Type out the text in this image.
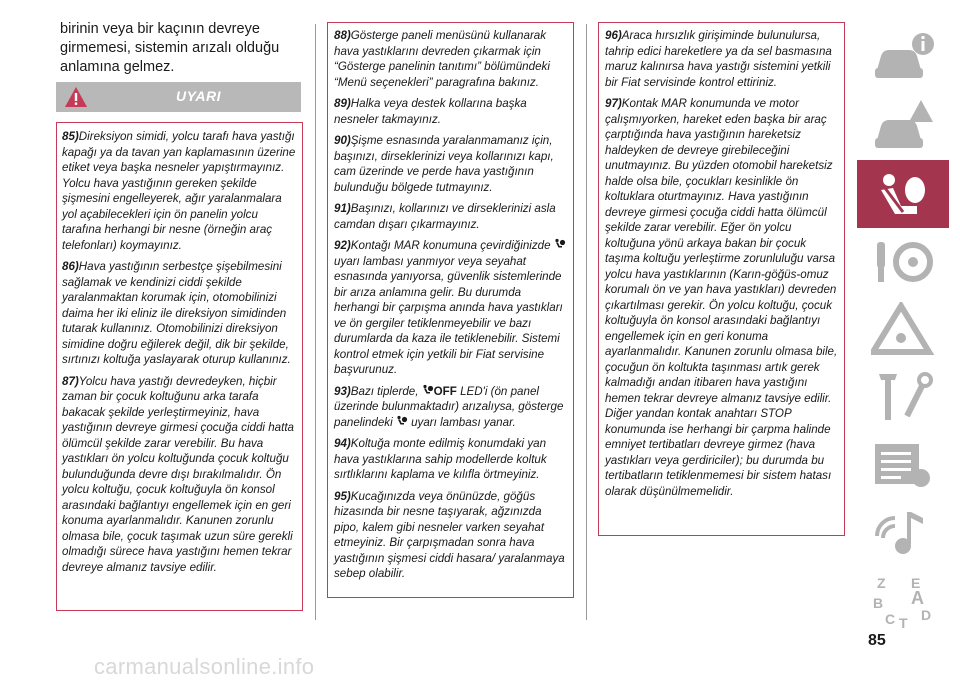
birinin veya bir kaçının devreye girmemesi, sistemin arızalı olduğu anlamına gelmez.
UYARI

85)Direksiyon simidi, yolcu tarafı hava yastığı kapağı ya da tavan yan kaplamasının üzerine etiket veya başka nesneler yapıştırmayınız. Yolcu hava yastığının gereken şekilde şişmesini engelleyerek, ağır yaralanmalara yol açabilecekleri için ön panelin yolcu tarafına herhangi bir nesne (örneğin araç telefonları) koymayınız.

86)Hava yastığının serbestçe şişebilmesini sağlamak ve kendinizi ciddi şekilde yaralanmaktan korumak için, otomobilinizi daima her iki eliniz ile direksiyon simidinden tutarak kullanınız. Otomobilinizi direksiyon simidine doğru eğilerek değil, dik bir şekilde, sırtınızı koltuğa yaslayarak oturup kullanınız.

87)Yolcu hava yastığı devredeyken, hiçbir zaman bir çocuk koltuğunu arka tarafa bakacak şekilde yerleştirmeyiniz, hava yastığının devreye girmesi çocuğa ciddi hatta ölümcül şekilde zarar verebilir. Bu hava yastıkları ön yolcu koltuğunda çocuk koltuğu bulunduğunda devre dışı bırakılmalıdır. Ön yolcu koltuğu, çocuk koltuğuyla ön konsol arasındaki bağlantıyı engellemek için en geri konuma ayarlanmalıdır. Kanunen zorunlu olmasa bile, çocuk taşımak uzun süre gerekli olmadığı sürece hava yastığını hemen tekrar devreye almanız tavsiye edilir.

88)Gösterge paneli menüsünü kullanarak hava yastıklarını devreden çıkarmak için “Gösterge panelinin tanıtımı” bölümündeki “Menü seçenekleri” paragrafına bakınız.

89)Halka veya destek kollarına başka nesneler takmayınız.

90)Şişme esnasında yaralanmamanız için, başınızı, dirseklerinizi veya kollarınızı kapı, cam üzerinde ve perde hava yastığının bulunduğu bölgede tutmayınız.

91)Başınızı, kollarınızı ve dirseklerinizi asla camdan dışarı çıkarmayınız.

92)Kontağı MAR konumuna çevirdiğinizde  uyarı lambası yanmıyor veya seyahat esnasında yanıyorsa, güvenlik sistemlerinde bir arıza anlamına gelir. Bu durumda herhangi bir çarpışma anında hava yastıkları ve ön gergiler tetiklenmeyebilir ve bazı durumlarda da kaza ile tetiklenebilir. Sistemi kontrol etmek için yetkili bir Fiat servisine başvurunuz.

93)Bazı tiplerde, OFF LED'i (ön panel üzerinde bulunmaktadır) arızalıysa, gösterge panelindeki  uyarı lambası yanar.

94)Koltuğa monte edilmiş konumdaki yan hava yastıklarına sahip modellerde koltuk sırtlıklarını kaplama ve kılıfla örtmeyiniz.

95)Kucağınızda veya önünüzde, göğüs hizasında bir nesne taşıyarak, ağzınızda pipo, kalem gibi nesneler varken seyahat etmeyiniz. Bir çarpışmadan sonra hava yastığının şişmesi ciddi hasara/ yaralanmaya sebep olabilir.

96)Araca hırsızlık girişiminde bulunulursa, tahrip edici hareketlere ya da sel basmasına maruz kalınırsa hava yastığı sistemini yetkili bir Fiat servisinde kontrol ettiriniz.

97)Kontak MAR konumunda ve motor çalışmıyorken, hareket eden başka bir araç çarptığında hava yastığının hareketsiz haldeyken de devreye girebileceğini unutmayınız. Bu yüzden otomobil hareketsiz halde olsa bile, çocukları kesinlikle ön koltuklara oturtmayınız. Hava yastığının devreye girmesi çocuğa ciddi hatta ölümcül şekilde zarar verebilir. Eğer ön yolcu koltuğuna yönü arkaya bakan bir çocuk taşıma koltuğu yerleştirme zorunluluğu varsa yolcu hava yastıklarının (Karın-göğüs-omuz korumalı ön ve yan hava yastıkları) devreden çıkartılması gerekir. Ön yolcu koltuğu, çocuk koltuğuyla ön konsol arasındaki bağlantıyı engellemek için en geri konuma ayarlanmalıdır. Kanunen zorunlu olmasa bile, çocuğun ön koltukta taşınması artık gerek kalmadığı andan itibaren hava yastığını hemen tekrar devreye almanız tavsiye edilir. Diğer yandan kontak anahtarı STOP konumunda ise herhangi bir çarpma halinde emniyet tertibatları devreye girmez (hava yastıkları veya gerdiriciler); bu durumda bu tertibatların tetiklenmemesi bir sistem hatası olarak düşünülmemelidir.

Z E
B A
C T D
85
carmanualsonline.info
